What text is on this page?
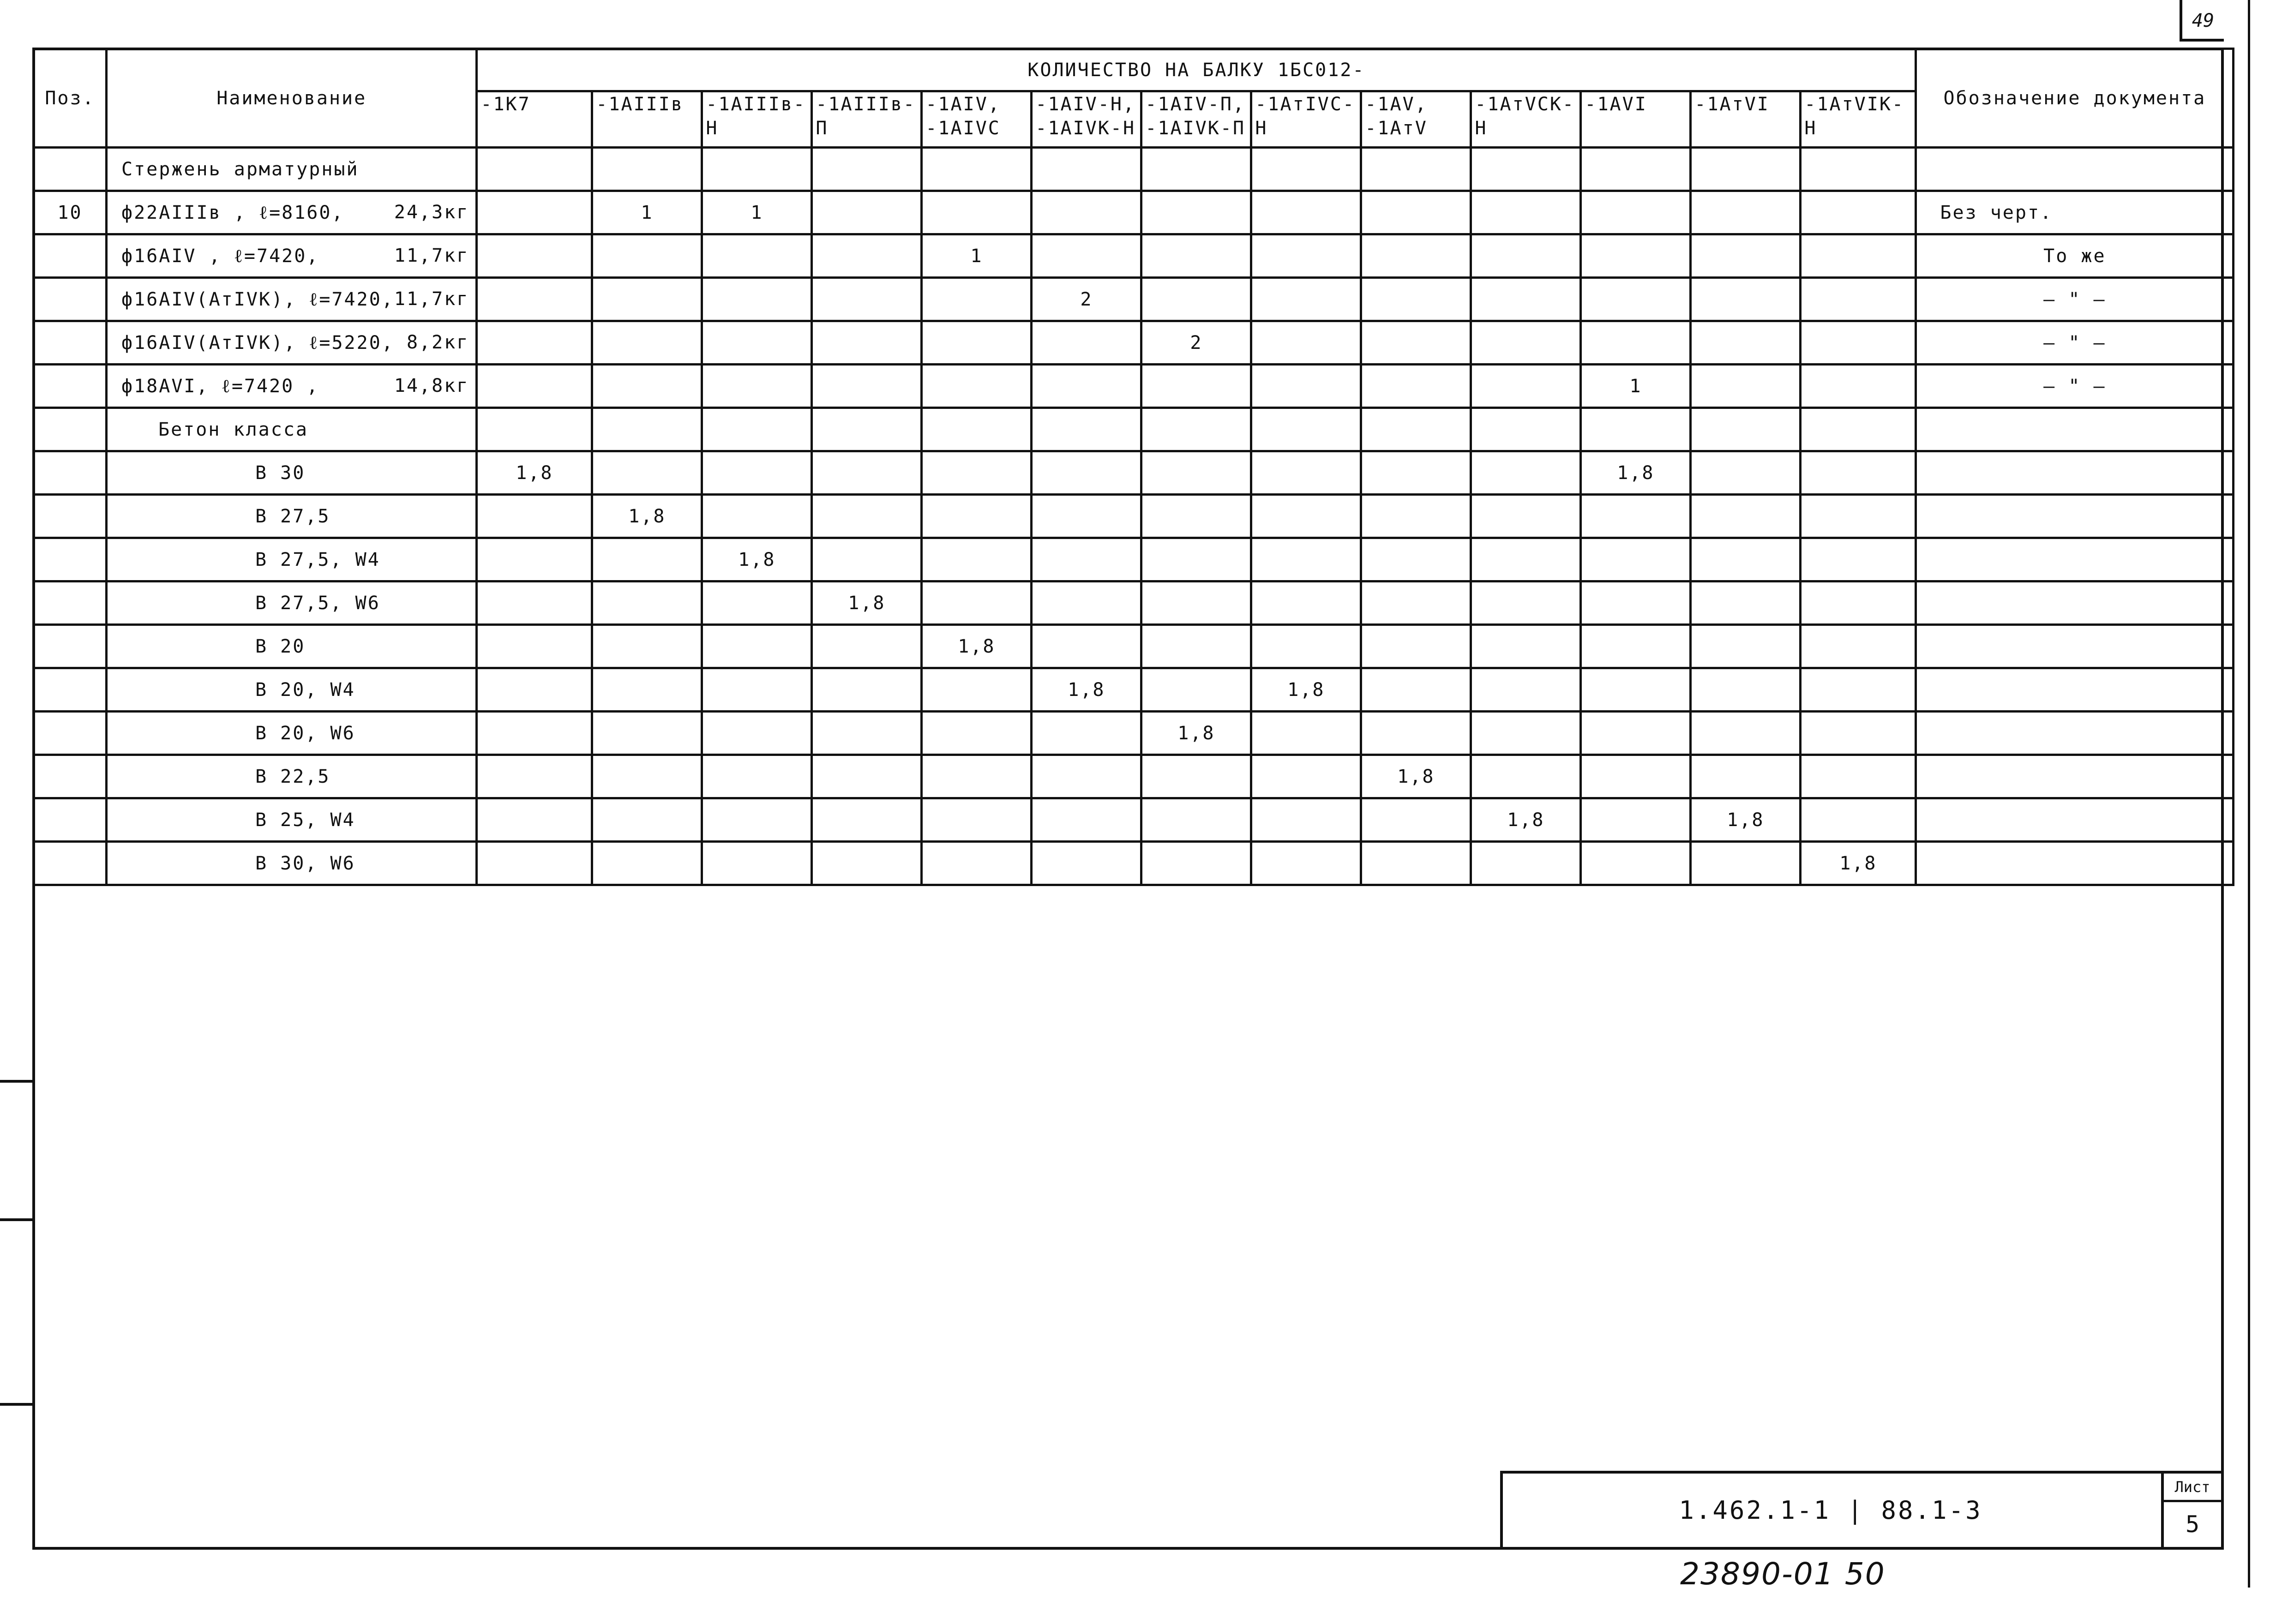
49
Поз.	Наименование	КОЛИЧЕСТВО НА БАЛКУ 1БС012-													Обозначение документа
		-1К7	-1АIIIв	-1АIIIв-Н	-1АIIIв-П	-1АIV, -1АIVС	-1АIV-Н, -1АIVК-Н	-1АIV-П, -1АIVК-П	-1АтIVС-Н	-1АV, -1АтV	-1АтVСК-Н	-1АVI	-1АтVI	-1АтVIК-Н	

	Стержень арматурный														

10	ф22АIIIв , ℓ=8160, 24,3кг		1	1											Без черт.

	ф16АIV , ℓ=7420, 11,7кг					1									То же

	ф16АIV(АтIVК), ℓ=7420, 11,7кг						2								— " —

	ф16АIV(АтIVК), ℓ=5220, 8,2кг							2							— " —

	ф18АVI, ℓ=7420 , 14,8кг											1			— " —

	Бетон класса														

	В 30	1,8										1,8			

	В 27,5		1,8												

	В 27,5, W4			1,8											

	В 27,5, W6				1,8										

	В 20					1,8									

	В 20, W4						1,8		1,8						

	В 20, W6							1,8							

	В 22,5									1,8					

	В 25, W4										1,8		1,8		

	В 30, W6													1,8	
1.462.1-1 | 88.1-3
Лист
5
23890-01 50
